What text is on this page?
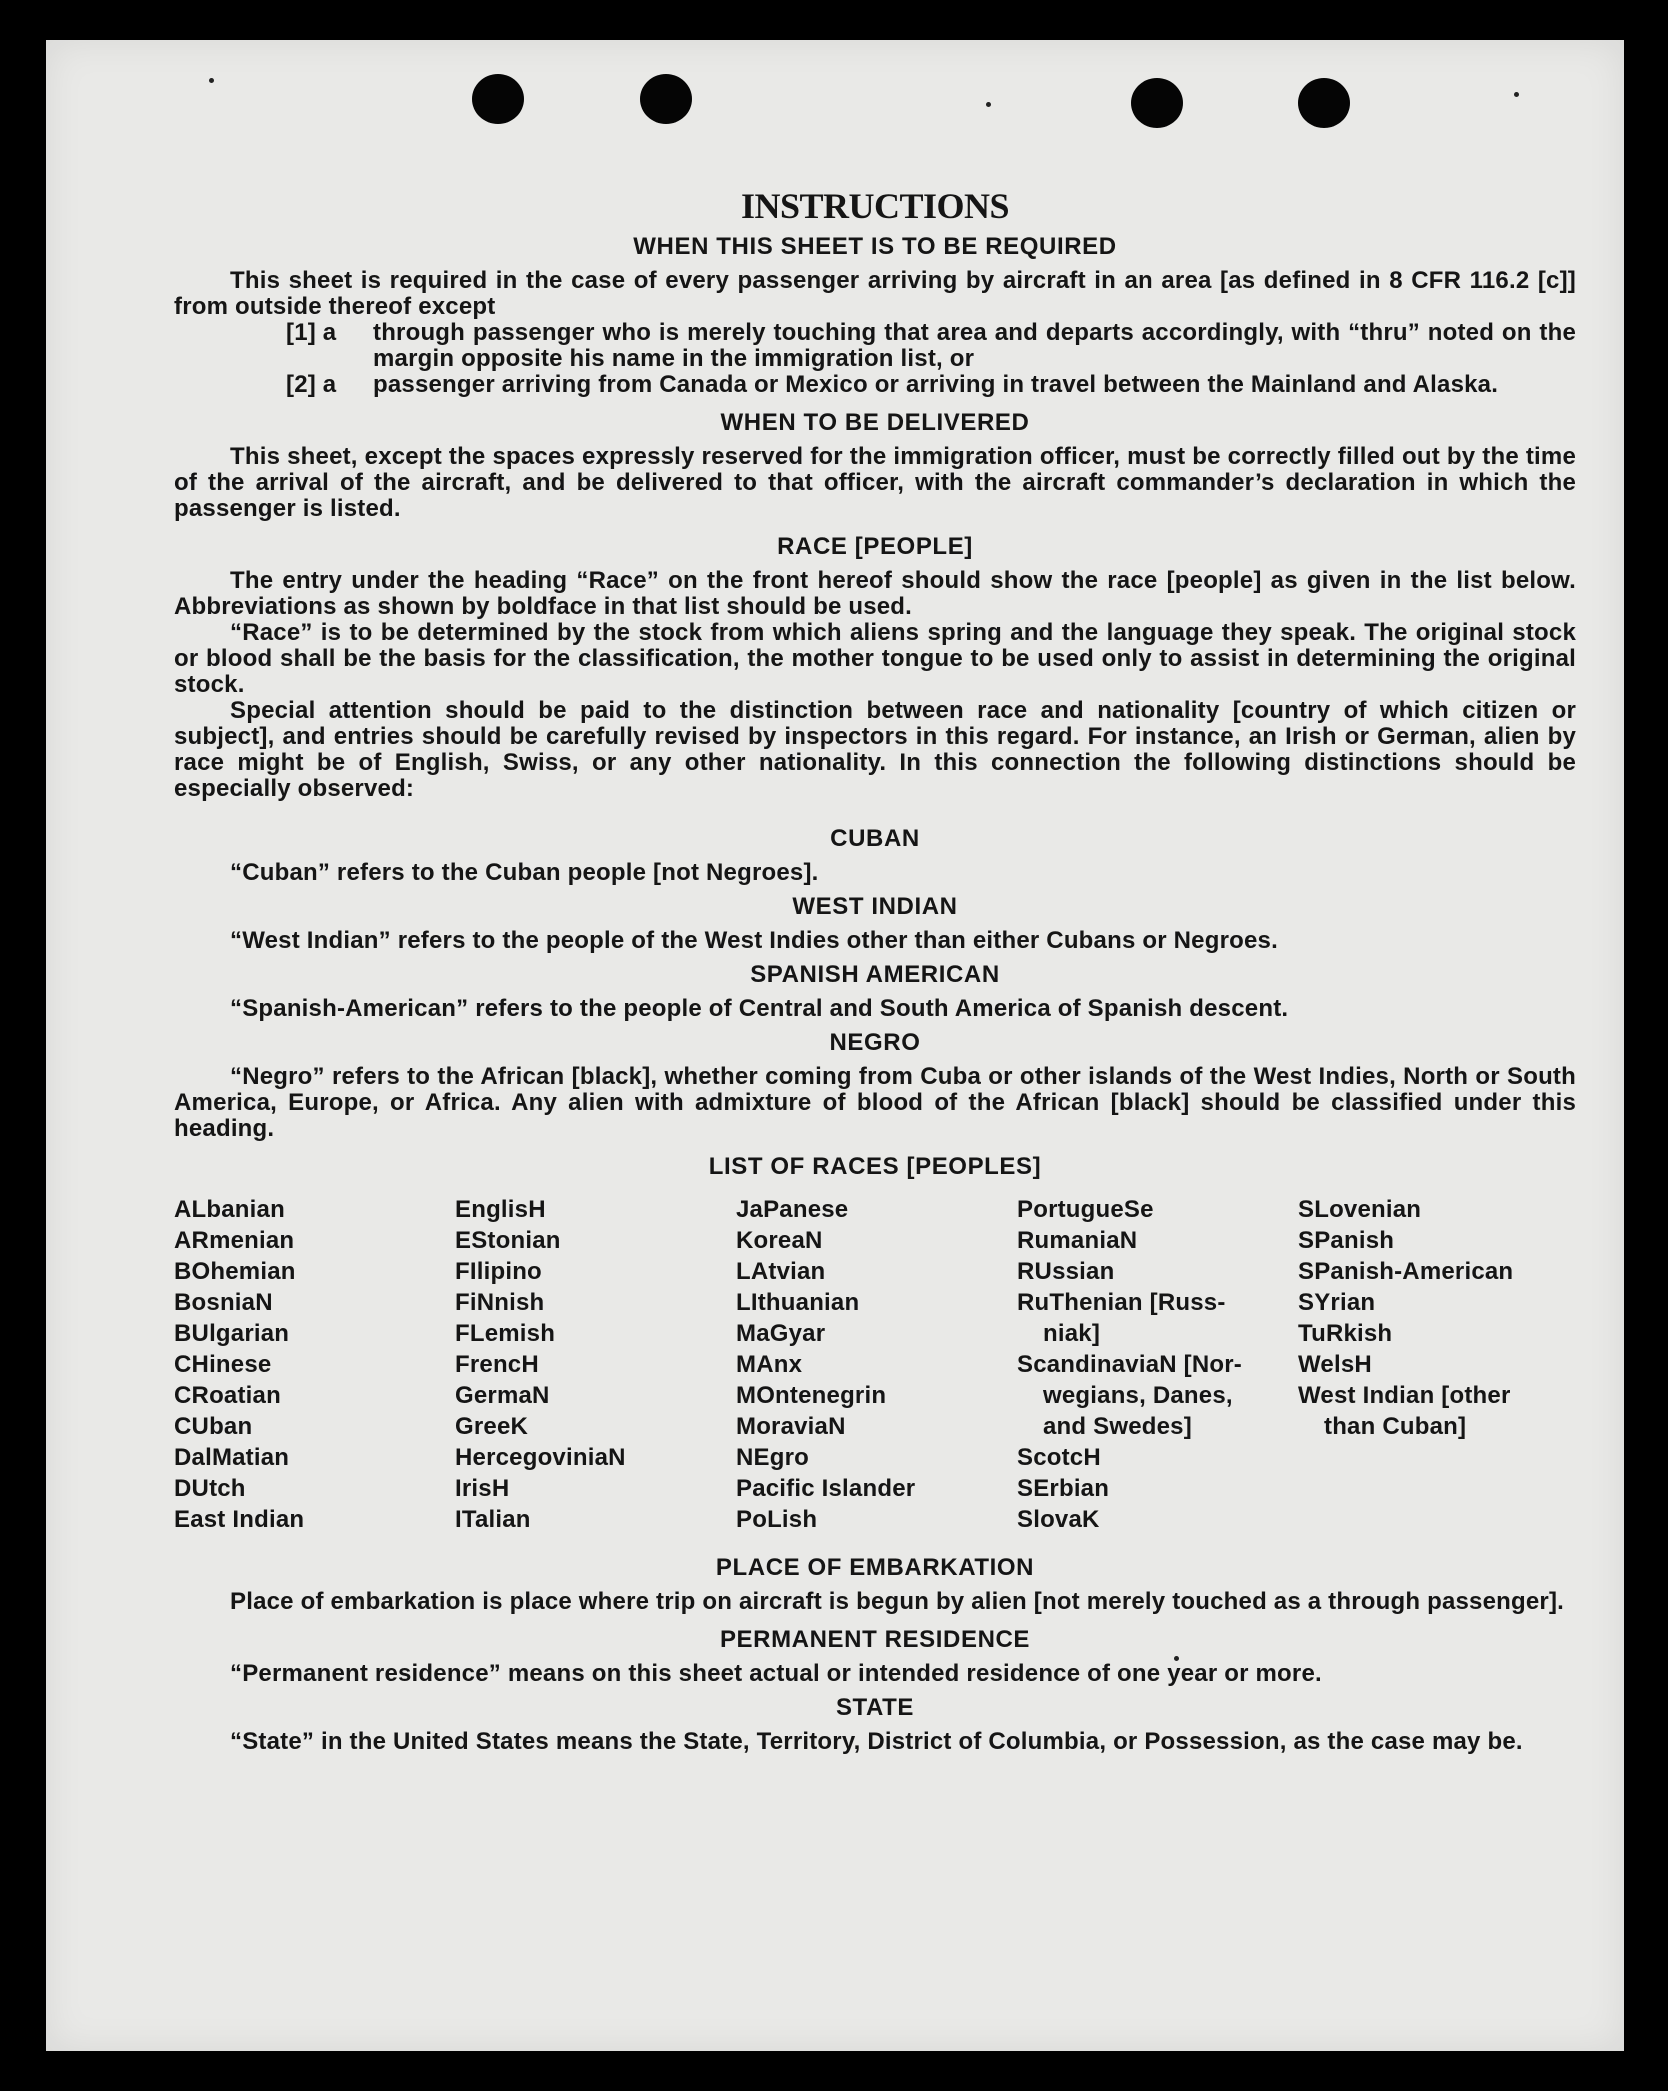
INSTRUCTIONS
WHEN THIS SHEET IS TO BE REQUIRED

This sheet is required in the case of every passenger arriving by aircraft in an area [as defined in 8 CFR 116.2 [c]] from outside thereof except

[1] a	through passenger who is merely touching that area and departs accordingly, with “thru” noted on the margin opposite his name in the immigration list, or
[2] a	passenger arriving from Canada or Mexico or arriving in travel between the Mainland and Alaska.
WHEN TO BE DELIVERED

This sheet, except the spaces expressly reserved for the immigration officer, must be correctly filled out by the time of the arrival of the aircraft, and be delivered to that officer, with the aircraft commander’s declaration in which the passenger is listed.

RACE [PEOPLE]

The entry under the heading “Race” on the front hereof should show the race [people] as given in the list below. Abbreviations as shown by boldface in that list should be used.

“Race” is to be determined by the stock from which aliens spring and the language they speak. The original stock or blood shall be the basis for the classification, the mother tongue to be used only to assist in determining the original stock.

Special attention should be paid to the distinction between race and nationality [country of which citizen or subject], and entries should be carefully revised by inspectors in this regard. For instance, an Irish or German, alien by race might be of English, Swiss, or any other nationality. In this connection the following distinctions should be especially observed:

CUBAN

“Cuban” refers to the Cuban people [not Negroes].

WEST INDIAN

“West Indian” refers to the people of the West Indies other than either Cubans or Negroes.

SPANISH AMERICAN

“Spanish-American” refers to the people of Central and South America of Spanish descent.

NEGRO

“Negro” refers to the African [black], whether coming from Cuba or other islands of the West Indies, North or South America, Europe, or Africa. Any alien with admixture of blood of the African [black] should be classified under this heading.

LIST OF RACES [PEOPLES]
ALbanian
ARmenian
BOhemian
BosniaN
BUlgarian
CHinese
CRoatian
CUban
DalMatian
DUtch
East Indian
EnglisH
EStonian
FIlipino
FiNnish
FLemish
FrencH
GermaN
GreeK
HercegoviniaN
IrisH
ITalian
JaPanese
KoreaN
LAtvian
LIthuanian
MaGyar
MAnx
MOntenegrin
MoraviaN
NEgro
Pacific Islander
PoLish
PortugueSe
RumaniaN
RUssian
RuThenian [Russ-
niak]
ScandinaviaN [Nor-
wegians, Danes,
and Swedes]
ScotcH
SErbian
SlovaK
SLovenian
SPanish
SPanish-American
SYrian
TuRkish
WelsH
West Indian [other
than Cuban]
PLACE OF EMBARKATION

Place of embarkation is place where trip on aircraft is begun by alien [not merely touched as a through passenger].

PERMANENT RESIDENCE

“Permanent residence” means on this sheet actual or intended residence of one year or more.

STATE

“State” in the United States means the State, Territory, District of Columbia, or Possession, as the case may be.
